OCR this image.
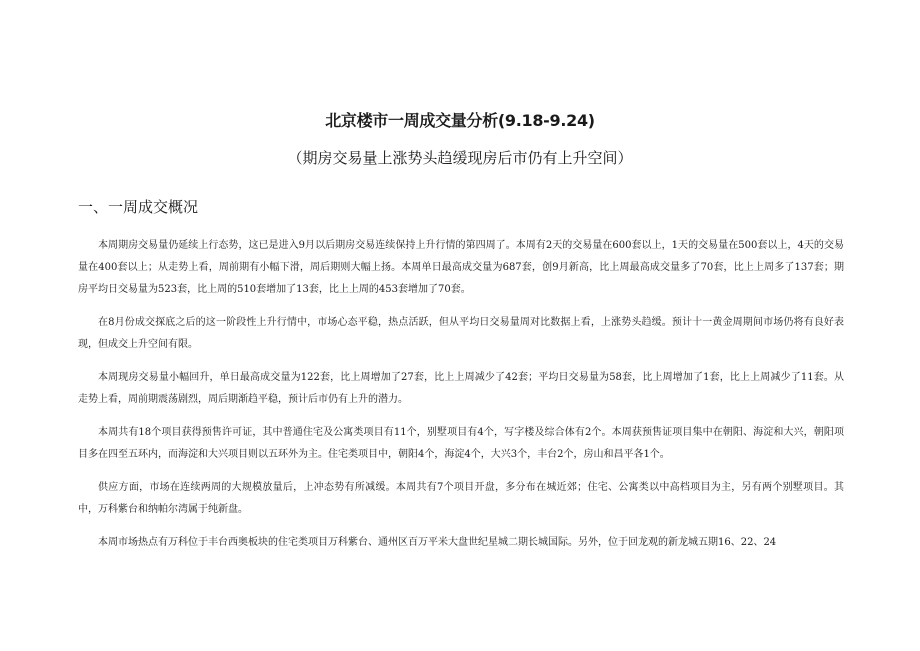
北京楼市一周成交量分析(9.18-9.24)
（期房交易量上涨势头趋缓现房后市仍有上升空间）
一、一周成交概况

本周期房交易量仍延续上行态势，这已是进入9月以后期房交易连续保持上升行情的第四周了。本周有2天的交易量在600套以上，1天的交易量在500套以上，4天的交易量在400套以上；从走势上看，周前期有小幅下滑，周后期则大幅上扬。本周单日最高成交量为687套，创9月新高，比上周最高成交量多了70套，比上上周多了137套；期房平均日交易量为523套，比上周的510套增加了13套，比上上周的453套增加了70套。

在8月份成交探底之后的这一阶段性上升行情中，市场心态平稳，热点活跃，但从平均日交易量周对比数据上看，上涨势头趋缓。预计十一黄金周期间市场仍将有良好表现，但成交上升空间有限。

本周现房交易量小幅回升，单日最高成交量为122套，比上周增加了27套，比上上周减少了42套；平均日交易量为58套，比上周增加了1套，比上上周减少了11套。从走势上看，周前期震荡剧烈，周后期渐趋平稳，预计后市仍有上升的潜力。

本周共有18个项目获得预售许可证，其中普通住宅及公寓类项目有11个，别墅项目有4个，写字楼及综合体有2个。本周获预售证项目集中在朝阳、海淀和大兴，朝阳项目多在四至五环内，而海淀和大兴项目则以五环外为主。住宅类项目中，朝阳4个，海淀4个，大兴3个，丰台2个，房山和昌平各1个。

供应方面，市场在连续两周的大规模放量后，上冲态势有所减缓。本周共有7个项目开盘，多分布在城近郊；住宅、公寓类以中高档项目为主，另有两个别墅项目。其中，万科紫台和纳帕尔湾属于纯新盘。

本周市场热点有万科位于丰台西奥板块的住宅类项目万科紫台、通州区百万平米大盘世纪星城二期长城国际。另外，位于回龙观的新龙城五期16、22、24
